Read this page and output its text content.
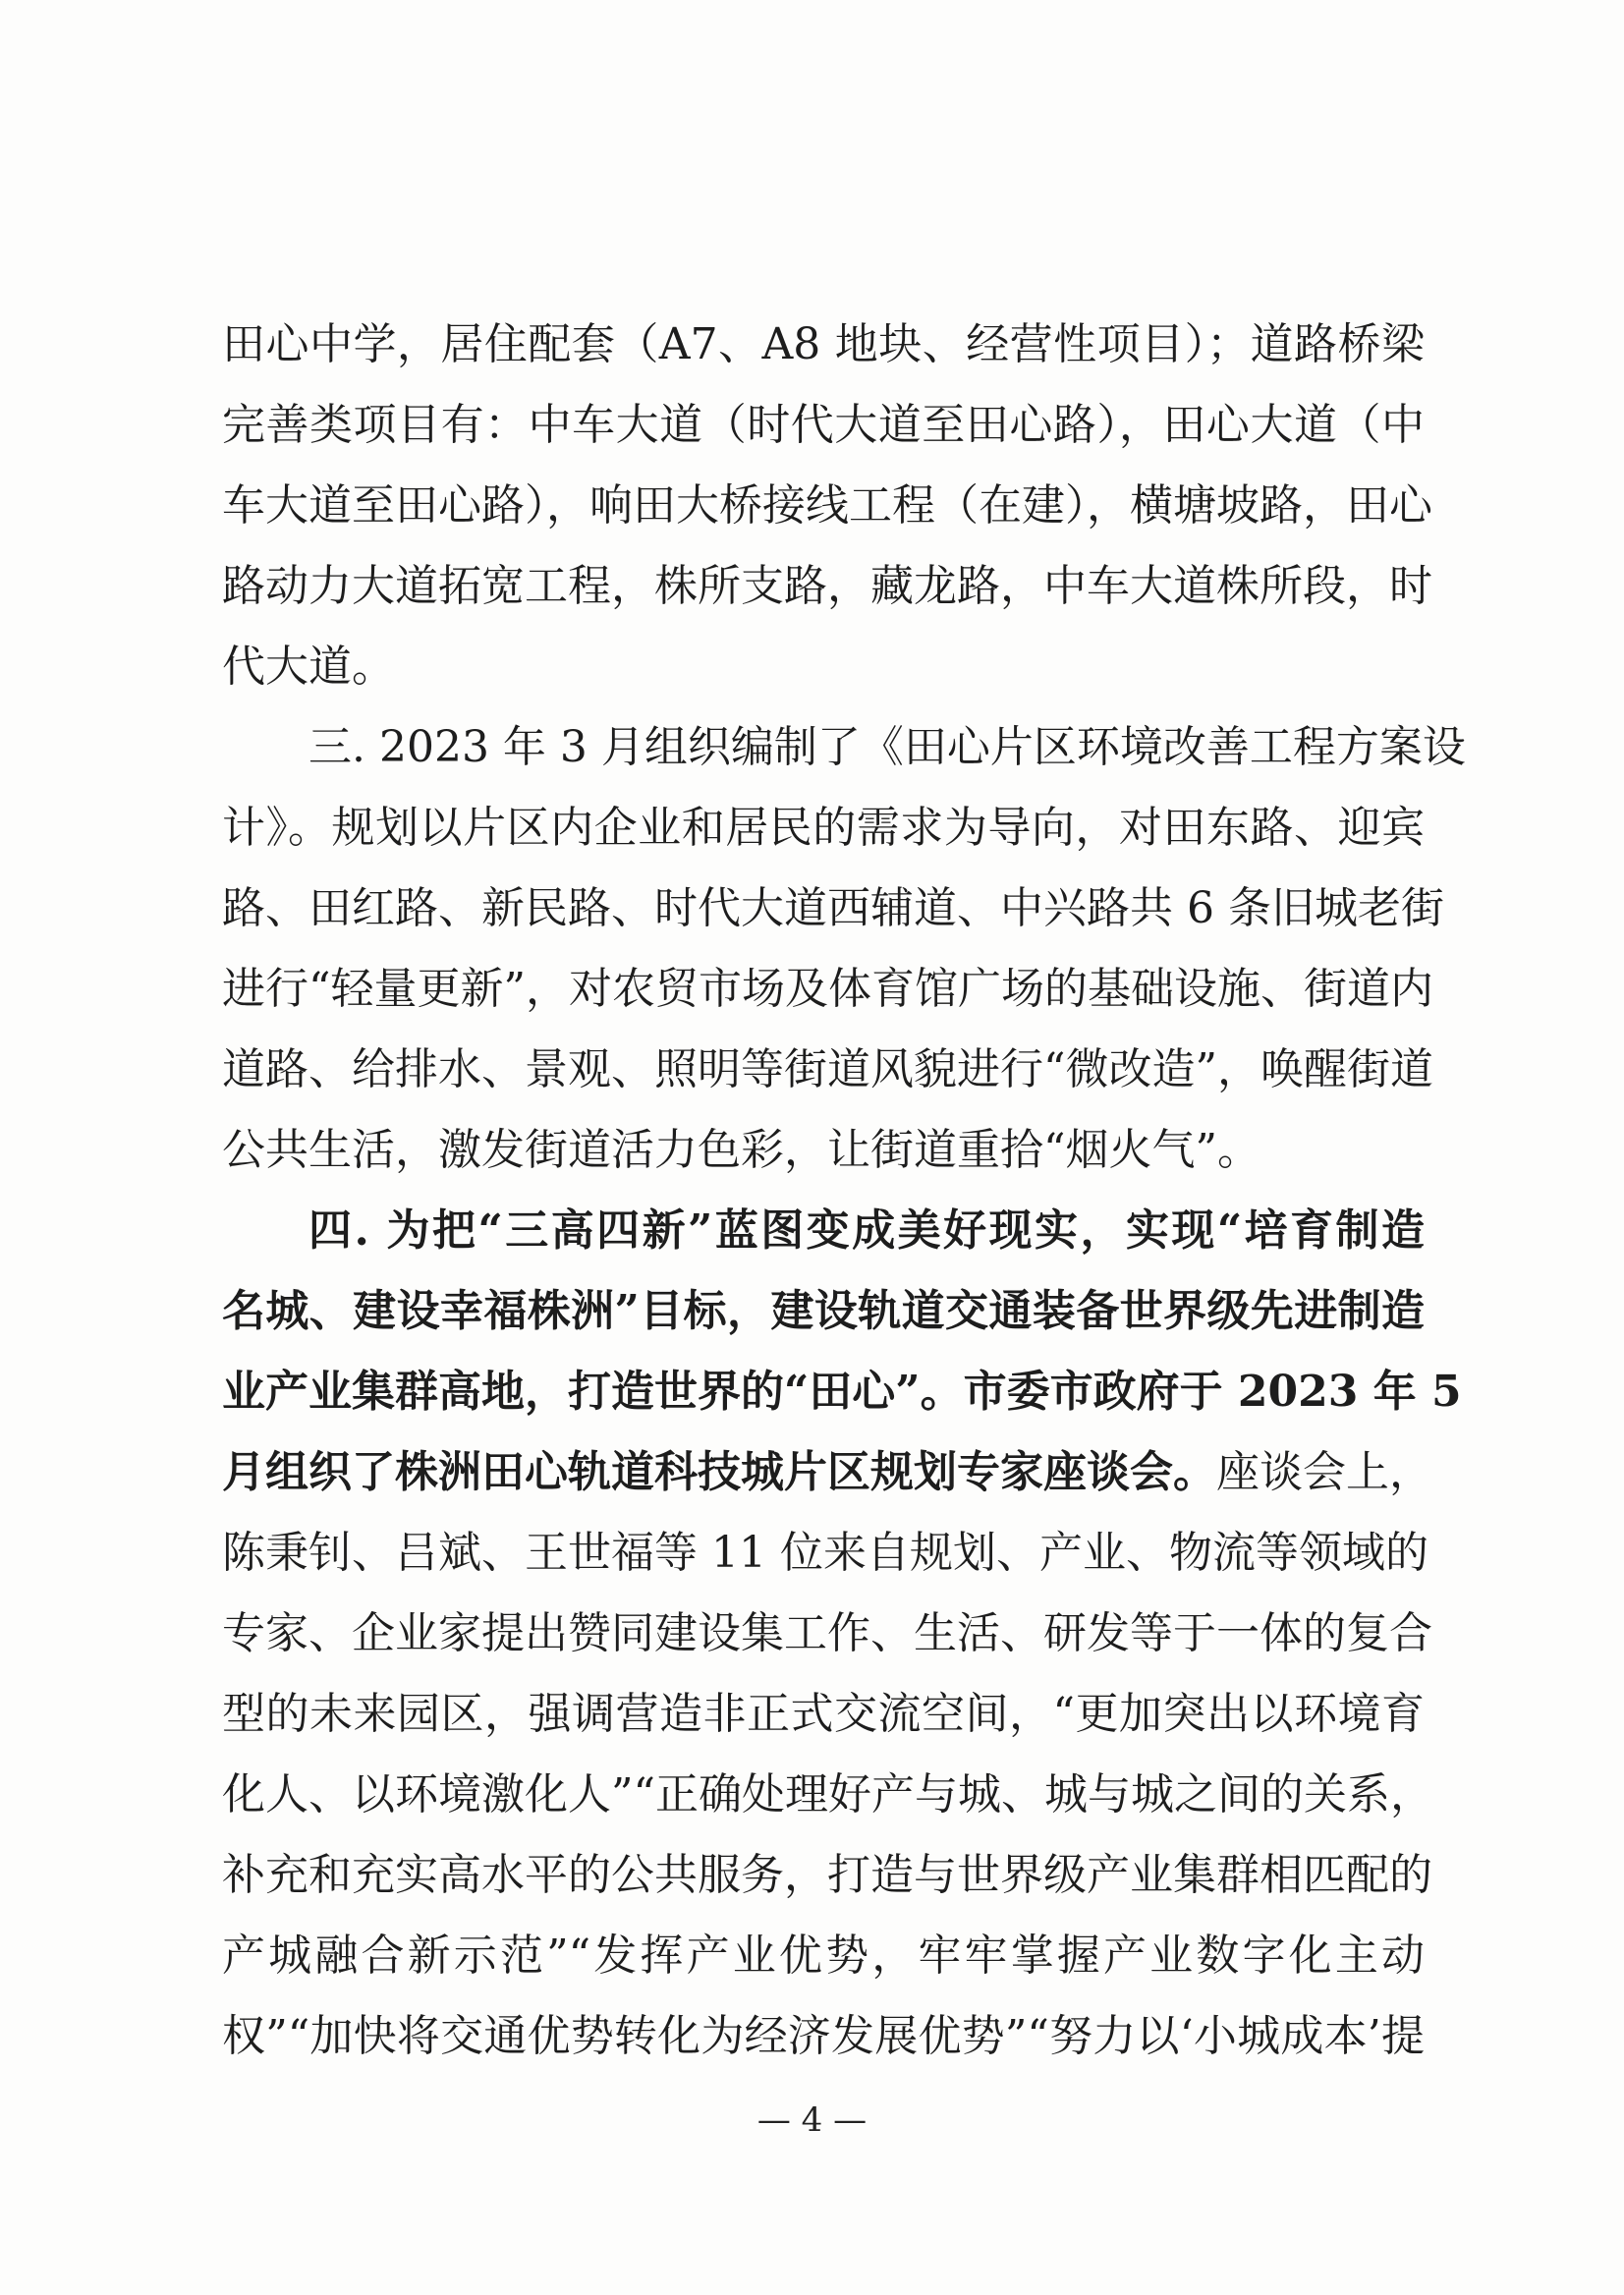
田心中学，居住配套（A7、A8 地块、经营性项目）；道路桥梁
完善类项目有：中车大道（时代大道至田心路），田心大道（中
车大道至田心路），响田大桥接线工程（在建），横塘坡路，田心
路动力大道拓宽工程，株所支路，藏龙路，中车大道株所段，时
代大道。
三. 2023 年 3 月组织编制了《田心片区环境改善工程方案设
计》。规划以片区内企业和居民的需求为导向，对田东路、迎宾
路、田红路、新民路、时代大道西辅道、中兴路共 6 条旧城老街
进行“轻量更新”，对农贸市场及体育馆广场的基础设施、街道内
道路、给排水、景观、照明等街道风貌进行“微改造”，唤醒街道
公共生活，激发街道活力色彩，让街道重拾“烟火气”。
四. 为把“三高四新”蓝图变成美好现实，实现“培育制造
名城、建设幸福株洲”目标，建设轨道交通装备世界级先进制造
业产业集群高地，打造世界的“田心”。市委市政府于 2023 年 5
月组织了株洲田心轨道科技城片区规划专家座谈会。座谈会上，
陈秉钊、吕斌、王世福等 11 位来自规划、产业、物流等领域的
专家、企业家提出赞同建设集工作、生活、研发等于一体的复合
型的未来园区，强调营造非正式交流空间，“更加突出以环境育
化人、以环境激化人”“正确处理好产与城、城与城之间的关系，
补充和充实高水平的公共服务，打造与世界级产业集群相匹配的
产城融合新示范”“发挥产业优势，牢牢掌握产业数字化主动
权”“加快将交通优势转化为经济发展优势”“努力以‘小城成本’提
— 4 —
